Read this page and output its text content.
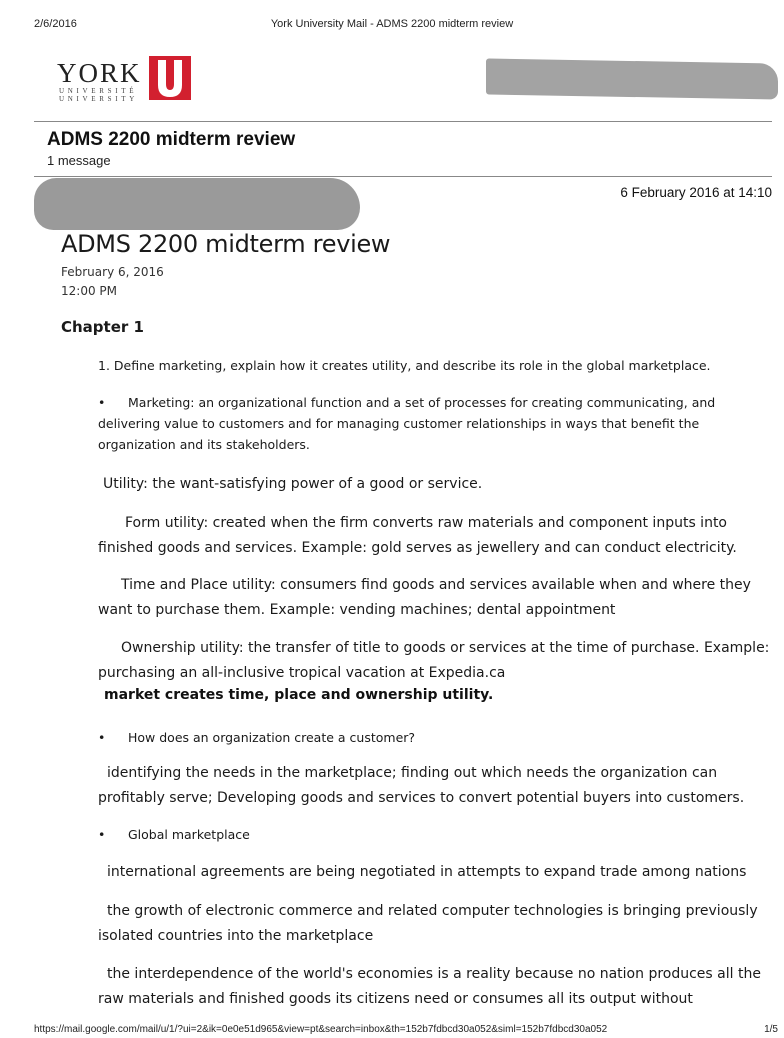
2/6/2016	York University Mail - ADMS 2200 midterm review
YORK
UNIVERSITÉ
UNIVERSITY
ADMS 2200 midterm review
1 message
6 February 2016 at 14:10
ADMS 2200 midterm review
February 6, 2016
12:00 PM
Chapter 1

1. Define marketing, explain how it creates utility, and describe its role in the global marketplace.

• Marketing: an organizational function and a set of processes for creating communicating, and delivering value to customers and for managing customer relationships in ways that benefit the organization and its stakeholders.

Utility: the want-satisfying power of a good or service.

Form utility: created when the firm converts raw materials and component inputs into finished goods and services. Example: gold serves as jewellery and can conduct electricity.

Time and Place utility: consumers find goods and services available when and where they want to purchase them. Example: vending machines; dental appointment

Ownership utility: the transfer of title to goods or services at the time of purchase. Example: purchasing an all-inclusive tropical vacation at Expedia.ca

market creates time, place and ownership utility.

• How does an organization create a customer?

identifying the needs in the marketplace; finding out which needs the organization can profitably serve; Developing goods and services to convert potential buyers into customers.

• Global marketplace

international agreements are being negotiated in attempts to expand trade among nations

the growth of electronic commerce and related computer technologies is bringing previously isolated countries into the marketplace

the interdependence of the world's economies is a reality because no nation produces all the raw materials and finished goods its citizens need or consumes all its output without

https://mail.google.com/mail/u/1/?ui=2&ik=0e0e51d965&view=pt&search=inbox&th=152b7fdbcd30a052&siml=152b7fdbcd30a052	1/5
